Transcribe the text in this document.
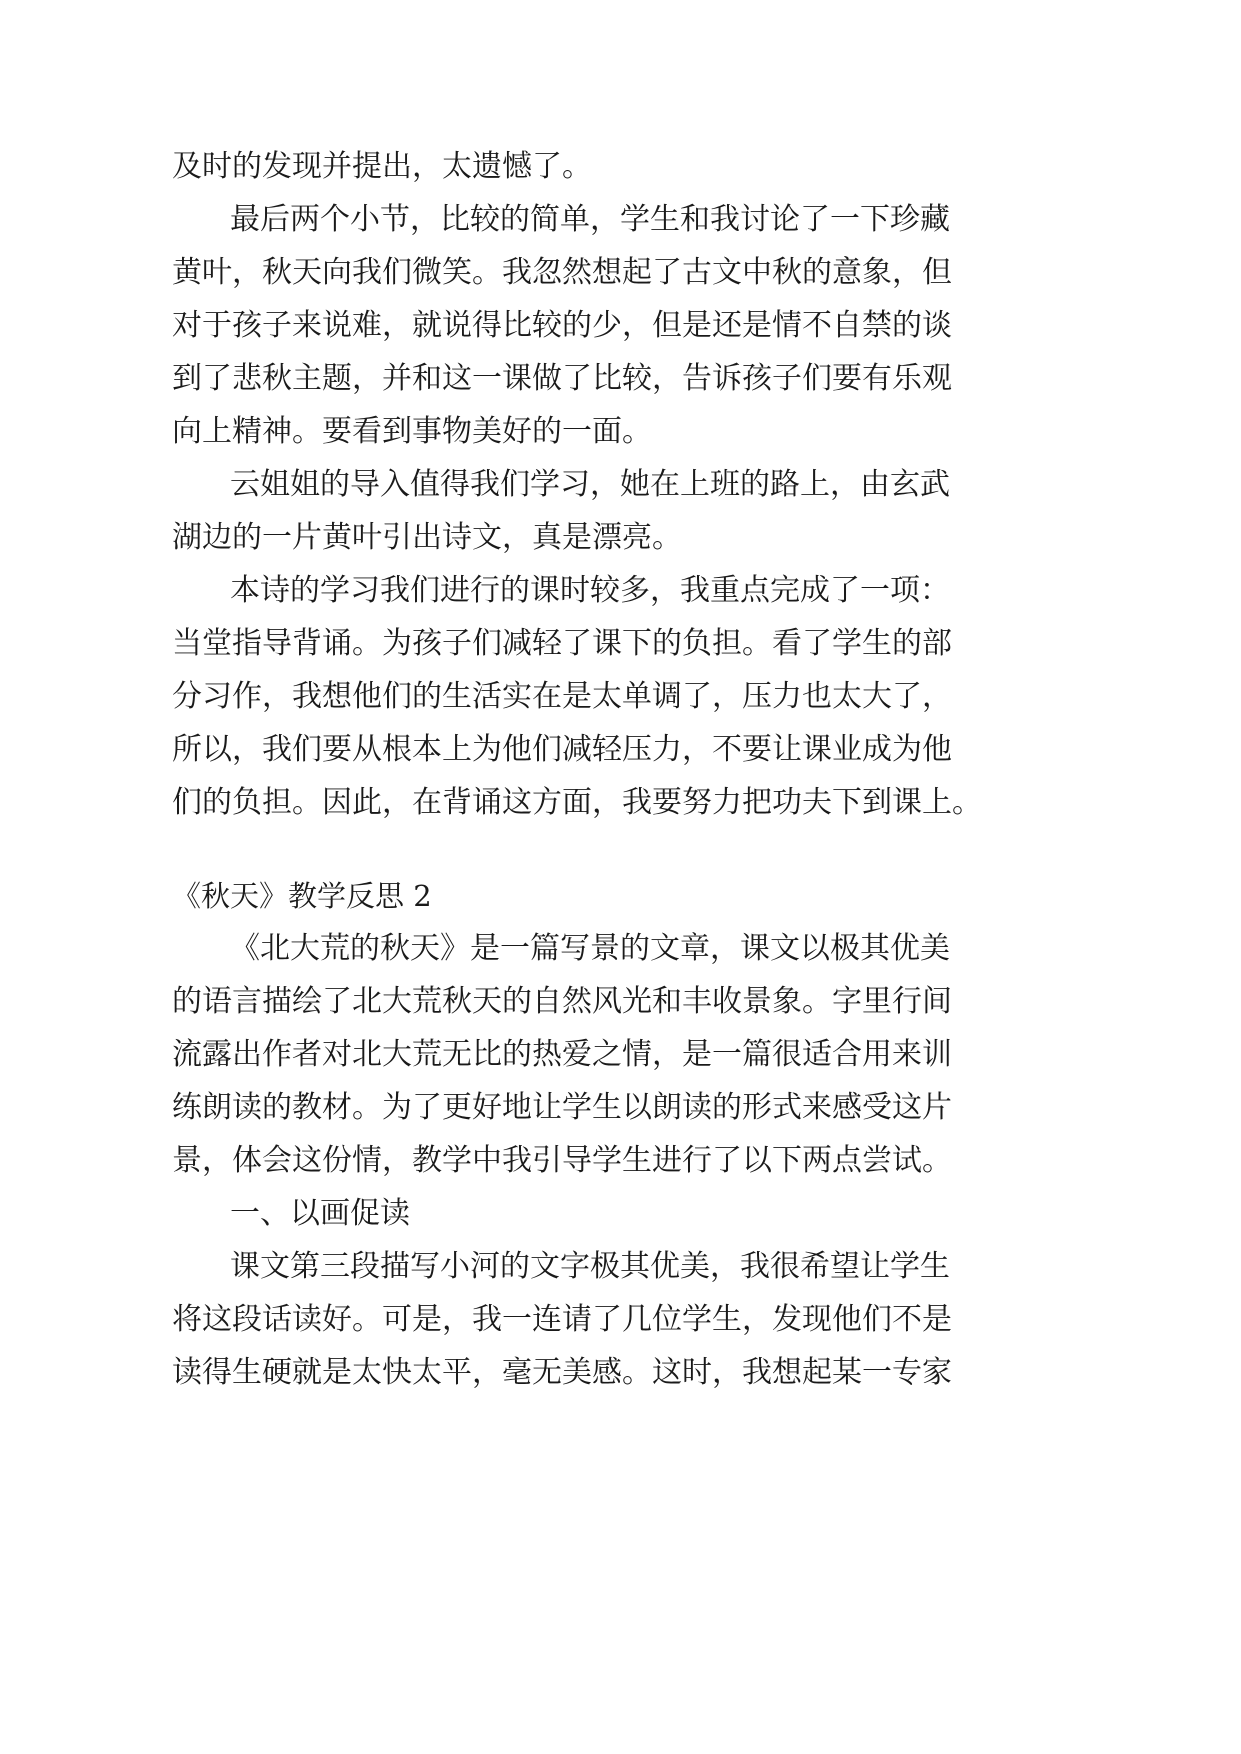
及时的发现并提出，太遗憾了。
最后两个小节，比较的简单，学生和我讨论了一下珍藏
黄叶，秋天向我们微笑。我忽然想起了古文中秋的意象，但
对于孩子来说难，就说得比较的少，但是还是情不自禁的谈
到了悲秋主题，并和这一课做了比较，告诉孩子们要有乐观
向上精神。要看到事物美好的一面。
云姐姐的导入值得我们学习，她在上班的路上，由玄武
湖边的一片黄叶引出诗文，真是漂亮。
本诗的学习我们进行的课时较多，我重点完成了一项：
当堂指导背诵。为孩子们减轻了课下的负担。看了学生的部
分习作，我想他们的生活实在是太单调了，压力也太大了，
所以，我们要从根本上为他们减轻压力，不要让课业成为他
们的负担。因此，在背诵这方面，我要努力把功夫下到课上。
《秋天》教学反思 2
《北大荒的秋天》是一篇写景的文章，课文以极其优美
的语言描绘了北大荒秋天的自然风光和丰收景象。字里行间
流露出作者对北大荒无比的热爱之情，是一篇很适合用来训
练朗读的教材。为了更好地让学生以朗读的形式来感受这片
景，体会这份情，教学中我引导学生进行了以下两点尝试。
一、以画促读
课文第三段描写小河的文字极其优美，我很希望让学生
将这段话读好。可是，我一连请了几位学生，发现他们不是
读得生硬就是太快太平，毫无美感。这时，我想起某一专家
